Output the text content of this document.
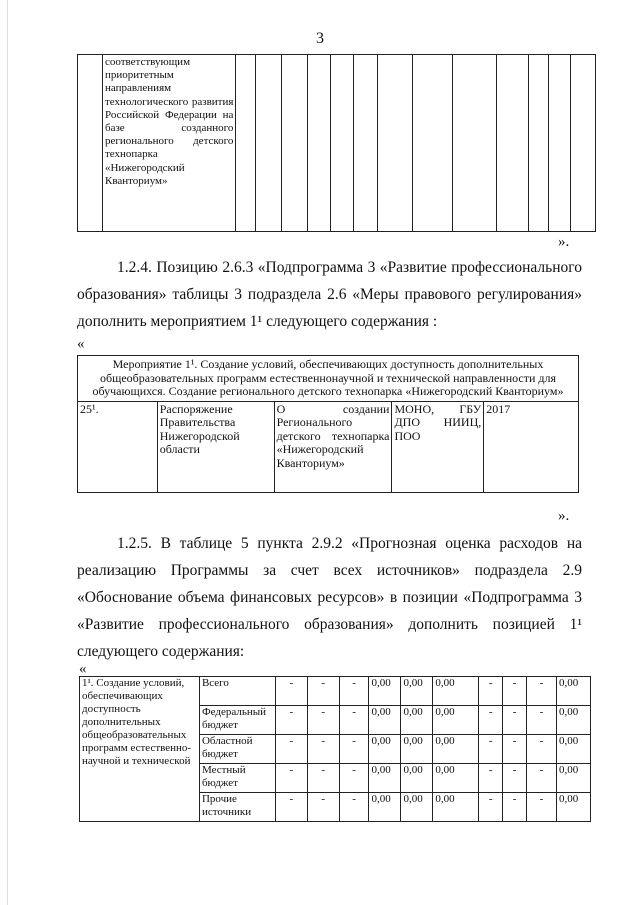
3
	соответствующим приоритетным направлениям технологического развития Российской Федерации на базе созданного регионального детского технопарка «Нижегородский Кванториум»													
».
1.2.4. Позицию 2.6.3 «Подпрограмма 3 «Развитие профессионального образования» таблицы 3 подраздела 2.6 «Меры правового регулирования» дополнить мероприятием 1¹ следующего содержания :
«
Мероприятие 1¹. Создание условий, обеспечивающих доступность дополнительных общеобразовательных программ естественнонаучной и технической направленности для обучающихся. Создание регионального детского технопарка «Нижегородский Кванториум»
25¹.	Распоряжение Правительства Нижегородской области	О создании Регионального детского технопарка «Нижегородский Кванториум»	МОНО, ГБУ ДПО НИИЦ, ПОО	2017
».
1.2.5. В таблице 5 пункта 2.9.2 «Прогнозная оценка расходов на реализацию Программы за счет всех источников» подраздела 2.9 «Обоснование объема финансовых ресурсов» в позиции «Подпрограмма 3 «Развитие профессионального образования» дополнить позицией 1¹ следующего содержания:
«
1¹. Создание условий, обеспечивающих доступность дополнительных общеобразовательных программ естественно-научной и технической	Всего	-	-	-	0,00	0,00	0,00	-	-	-	0,00
	Федеральный бюджет	-	-	-	0,00	0,00	0,00	-	-	-	0,00
	Областной бюджет	-	-	-	0,00	0,00	0,00	-	-	-	0,00
	Местный бюджет	-	-	-	0,00	0,00	0,00	-	-	-	0,00
	Прочие источники	-	-	-	0,00	0,00	0,00	-	-	-	0,00
